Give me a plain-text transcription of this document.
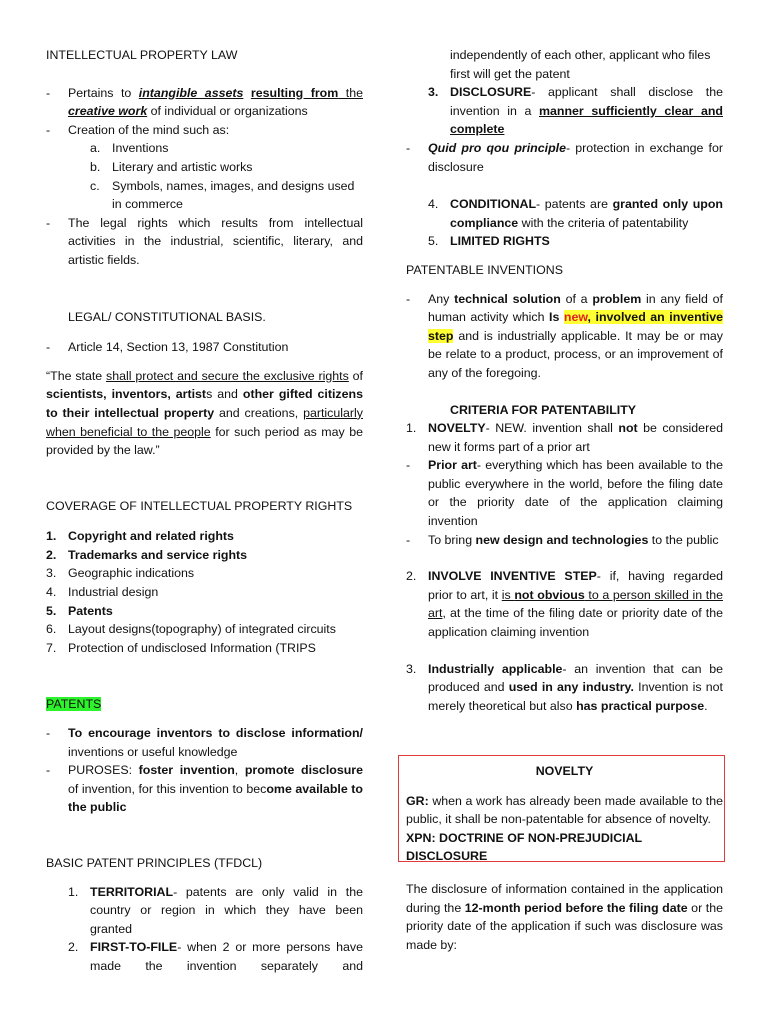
INTELLECTUAL PROPERTY LAW
-	Pertains to intangible assets resulting from the creative work of individual or organizations
-	Creation of the mind such as:
a. Inventions
b. Literary and artistic works
c. Symbols, names, images, and designs used in commerce
-	The legal rights which results from intellectual activities in the industrial, scientific, literary, and artistic fields.
LEGAL/ CONSTITUTIONAL BASIS.
-	Article 14, Section 13, 1987 Constitution

“The state shall protect and secure the exclusive rights of scientists, inventors, artists and other gifted citizens to their intellectual property and creations, particularly when beneficial to the people for such period as may be provided by the law.”

COVERAGE OF INTELLECTUAL PROPERTY RIGHTS
1. Copyright and related rights
2. Trademarks and service rights
3. Geographic indications
4. Industrial design
5. Patents
6. Layout designs(topography) of integrated circuits
7. Protection of undisclosed Information (TRIPS
PATENTS
-	To encourage inventors to disclose information/ inventions or useful knowledge
-	PUROSES: foster invention, promote disclosure of invention, for this invention to become available to the public
BASIC PATENT PRINCIPLES (TFDCL)
1. TERRITORIAL- patents are only valid in the country or region in which they have been granted
2. FIRST-TO-FILE- when 2 or more persons have made the invention separately and

independently of each other, applicant who files first will get the patent

3. DISCLOSURE- applicant shall disclose the invention in a manner sufficiently clear and complete
-	Quid pro qou principle- protection in exchange for disclosure
4. CONDITIONAL- patents are granted only upon compliance with the criteria of patentability
5. LIMITED RIGHTS
PATENTABLE INVENTIONS
-	Any technical solution of a problem in any field of human activity which Is new, involved an inventive step and is industrially applicable. It may be or may be relate to a product, process, or an improvement of any of the foregoing.
CRITERIA FOR PATENTABILITY
1. NOVELTY- NEW. invention shall not be considered new it forms part of a prior art
-	Prior art- everything which has been available to the public everywhere in the world, before the filing date or the priority date of the application claiming invention
-	To bring new design and technologies to the public
2. INVOLVE INVENTIVE STEP- if, having regarded prior to art, it is not obvious to a person skilled in the art, at the time of the filing date or priority date of the application claiming invention
3. Industrially applicable- an invention that can be produced and used in any industry. Invention is not merely theoretical but also has practical purpose.

NOVELTY

GR: when a work has already been made available to the public, it shall be non-patentable for absence of novelty.

XPN: DOCTRINE OF NON-PREJUDICIAL DISCLOSURE

The disclosure of information contained in the application during the 12-month period before the filing date or the priority date of the application if such was disclosure was made by:
